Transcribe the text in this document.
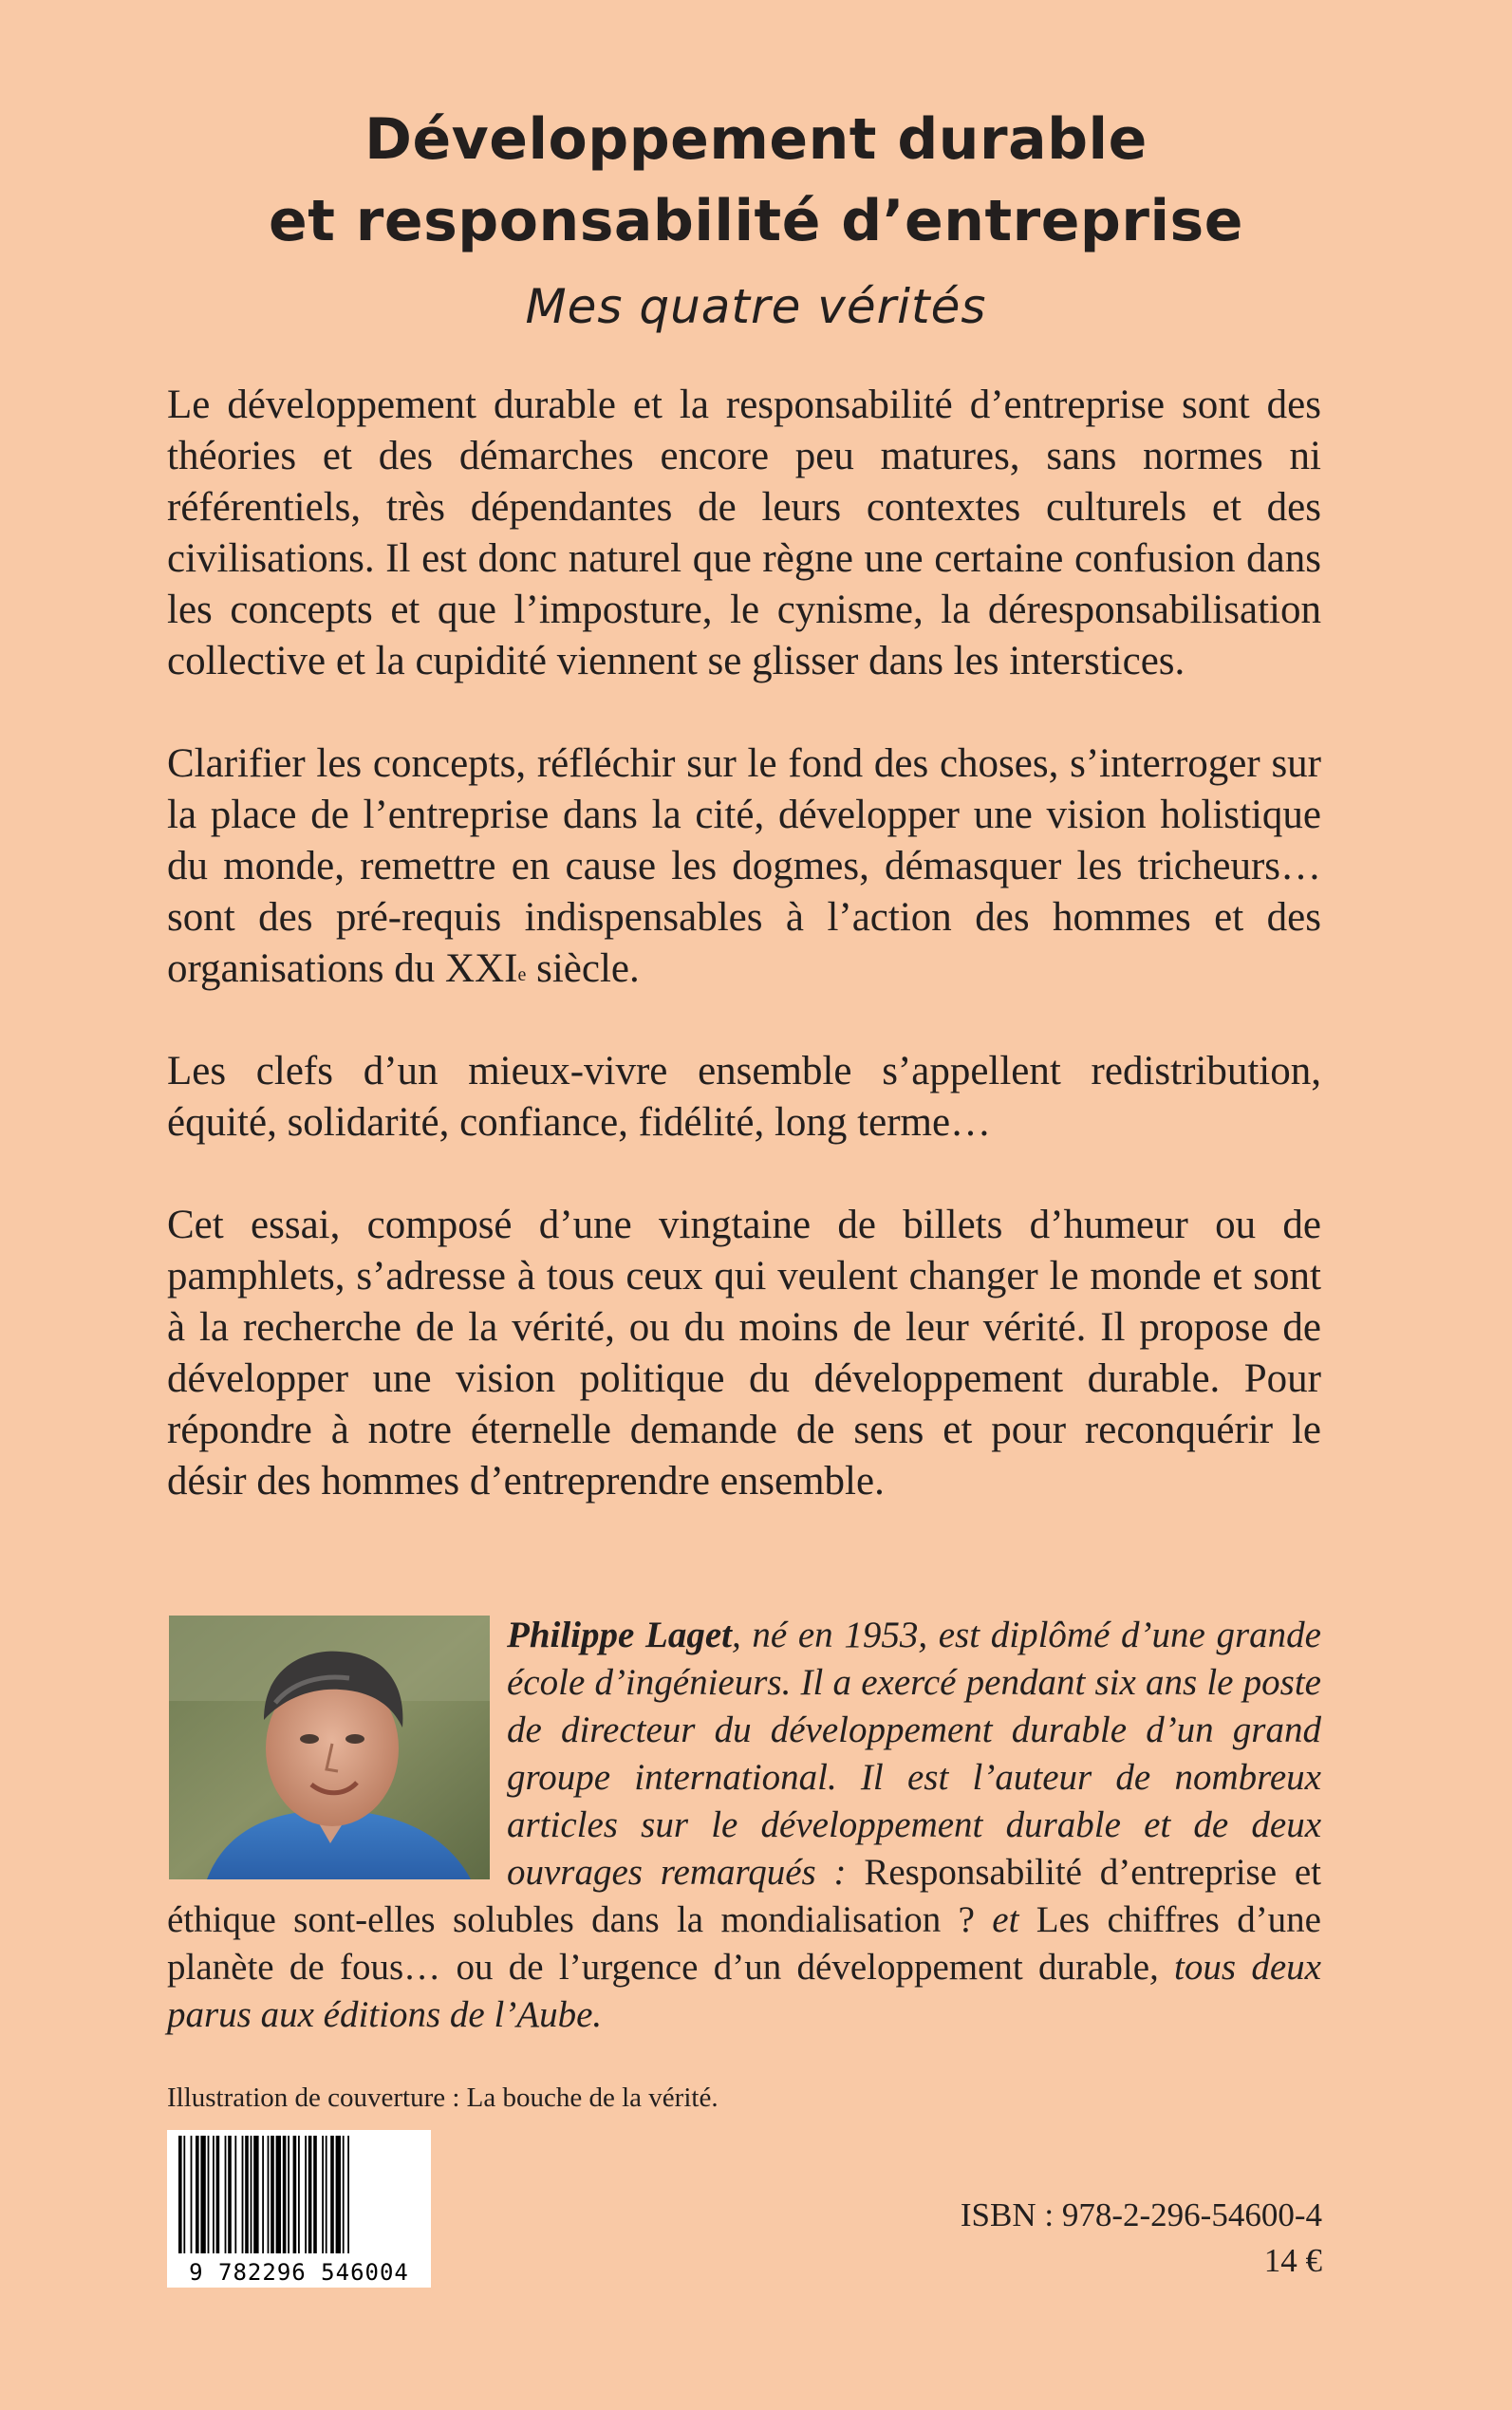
Développement durable
et responsabilité d’entreprise

Mes quatre vérités

Le développement durable et la responsabilité d’entreprise sont des théories et des démarches encore peu matures, sans normes ni référentiels, très dépendantes de leurs contextes culturels et des civilisations. Il est donc naturel que règne une certaine confusion dans les concepts et que l’imposture, le cynisme, la déresponsabilisation collective et la cupidité viennent se glisser dans les interstices.

Clarifier les concepts, réfléchir sur le fond des choses, s’interroger sur la place de l’entreprise dans la cité, développer une vision holistique du monde, remettre en cause les dogmes, démasquer les tricheurs… sont des pré-requis indispensables à l’action des hommes et des organisations du XXIe siècle.

Les clefs d’un mieux-vivre ensemble s’appellent redistribution, équité, solidarité, confiance, fidélité, long terme…

Cet essai, composé d’une vingtaine de billets d’humeur ou de pamphlets, s’adresse à tous ceux qui veulent changer le monde et sont à la recherche de la vérité, ou du moins de leur vérité. Il propose de développer une vision politique du développement durable. Pour répondre à notre éternelle demande de sens et pour reconquérir le désir des hommes d’entreprendre ensemble.

Philippe Laget, né en 1953, est diplômé d’une grande école d’ingénieurs. Il a exercé pendant six ans le poste de directeur du développement durable d’un grand groupe international. Il est l’auteur de nombreux articles sur le développement durable et de deux ouvrages remarqués : Responsabilité d’entreprise et éthique sont-elles solubles dans la mondialisation ? et Les chiffres d’une planète de fous… ou de l’urgence d’un développement durable, tous deux parus aux éditions de l’Aube.

Illustration de couverture : La bouche de la vérité.

9 782296 546004

ISBN : 978-2-296-54600-4

14 €
